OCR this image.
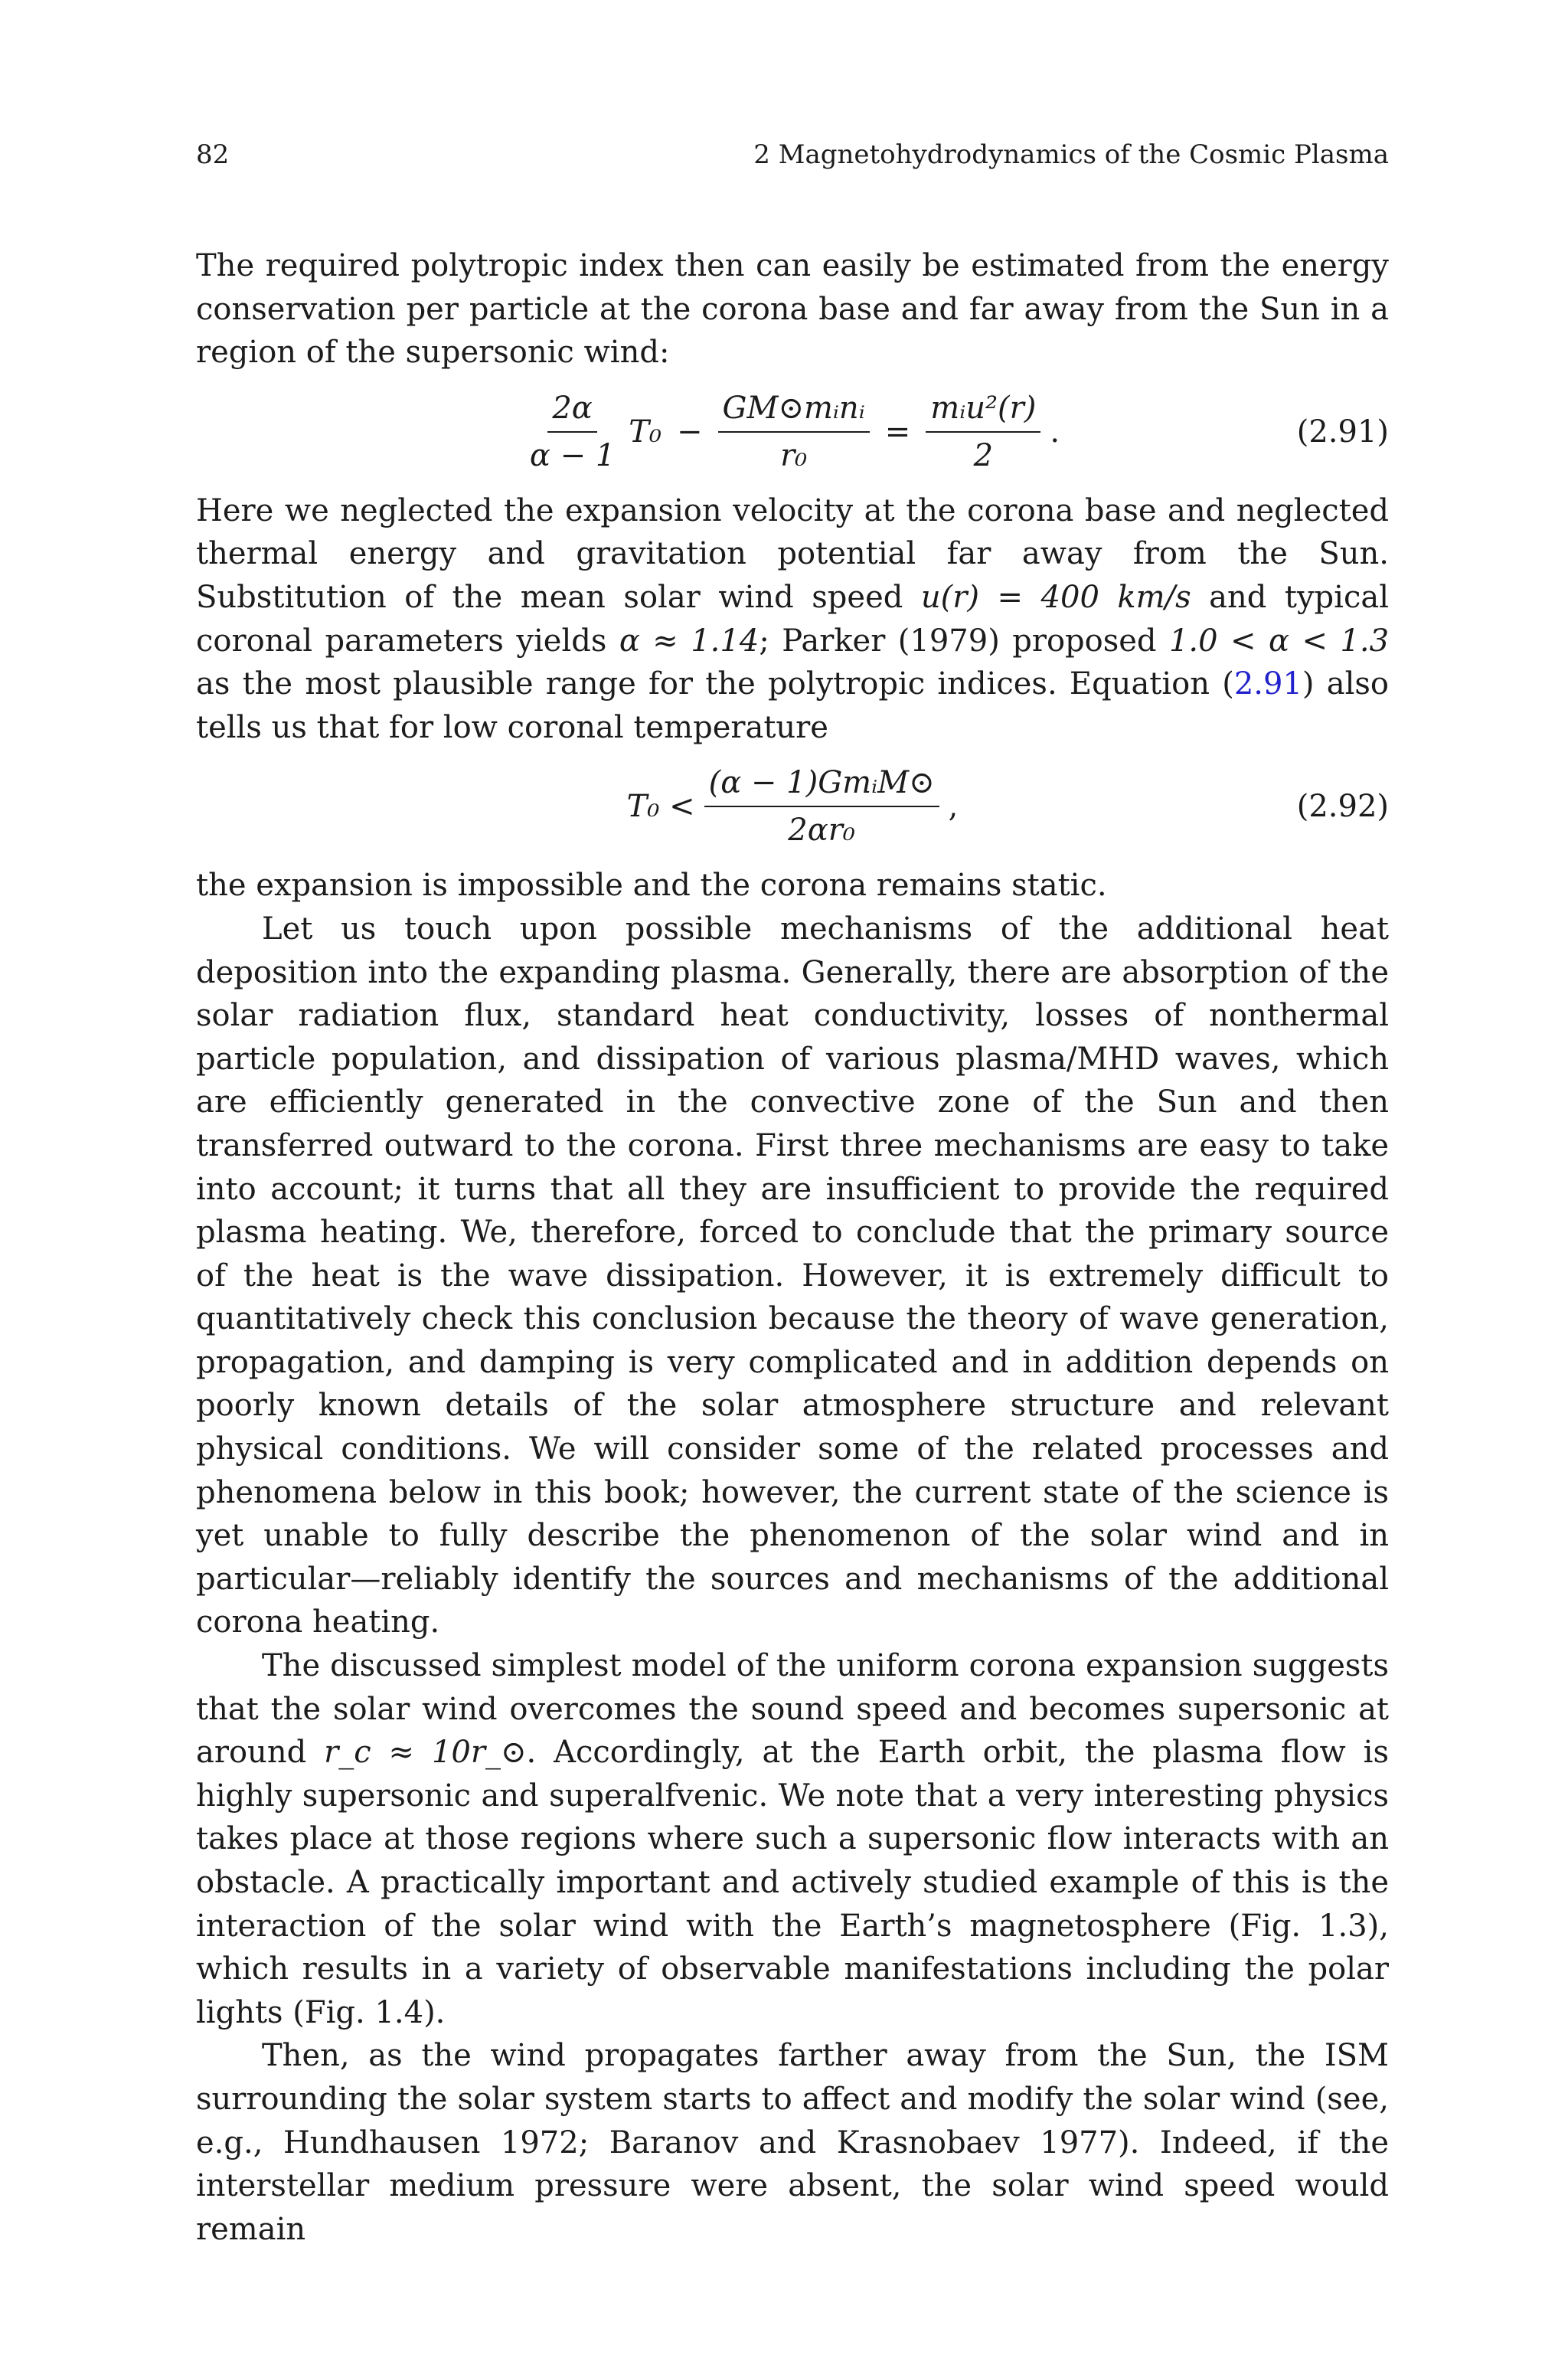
82	2 Magnetohydrodynamics of the Cosmic Plasma

The required polytropic index then can easily be estimated from the energy conservation per particle at the corona base and far away from the Sun in a region of the supersonic wind:

$\frac{2\alpha}{\alpha - 1} T_0 - \frac{\text{GM⊙mᵢnᵢ}}{\text{r₀}} = \frac{\text{mᵢu²(r)}}{2}$ .	(2.91)

Here we neglected the expansion velocity at the corona base and neglected thermal energy and gravitation potential far away from the Sun. Substitution of the mean solar wind speed u(r) = 400 km/s and typical coronal parameters yields α ≈ 1.14; Parker (1979) proposed 1.0 < α < 1.3 as the most plausible range for the polytropic indices. Equation (2.91) also tells us that for low coronal temperature

$T_0 < \frac{\text{(α − 1)GmᵢM⊙}}{\text{2αr₀}}$ ,	(2.92)

the expansion is impossible and the corona remains static.

Let us touch upon possible mechanisms of the additional heat deposition into the expanding plasma. Generally, there are absorption of the solar radiation flux, standard heat conductivity, losses of nonthermal particle population, and dissipation of various plasma/MHD waves, which are efficiently generated in the convective zone of the Sun and then transferred outward to the corona. First three mechanisms are easy to take into account; it turns that all they are insufficient to provide the required plasma heating. We, therefore, forced to conclude that the primary source of the heat is the wave dissipation. However, it is extremely difficult to quantitatively check this conclusion because the theory of wave generation, propagation, and damping is very complicated and in addition depends on poorly known details of the solar atmosphere structure and relevant physical conditions. We will consider some of the related processes and phenomena below in this book; however, the current state of the science is yet unable to fully describe the phenomenon of the solar wind and in particular—reliably identify the sources and mechanisms of the additional corona heating.

The discussed simplest model of the uniform corona expansion suggests that the solar wind overcomes the sound speed and becomes supersonic at around r_c ≈ 10r_⊙. Accordingly, at the Earth orbit, the plasma flow is highly supersonic and superalfvenic. We note that a very interesting physics takes place at those regions where such a supersonic flow interacts with an obstacle. A practically important and actively studied example of this is the interaction of the solar wind with the Earth’s magnetosphere (Fig. 1.3), which results in a variety of observable manifestations including the polar lights (Fig. 1.4).

Then, as the wind propagates farther away from the Sun, the ISM surrounding the solar system starts to affect and modify the solar wind (see, e.g., Hundhausen 1972; Baranov and Krasnobaev 1977). Indeed, if the interstellar medium pressure were absent, the solar wind speed would remain
